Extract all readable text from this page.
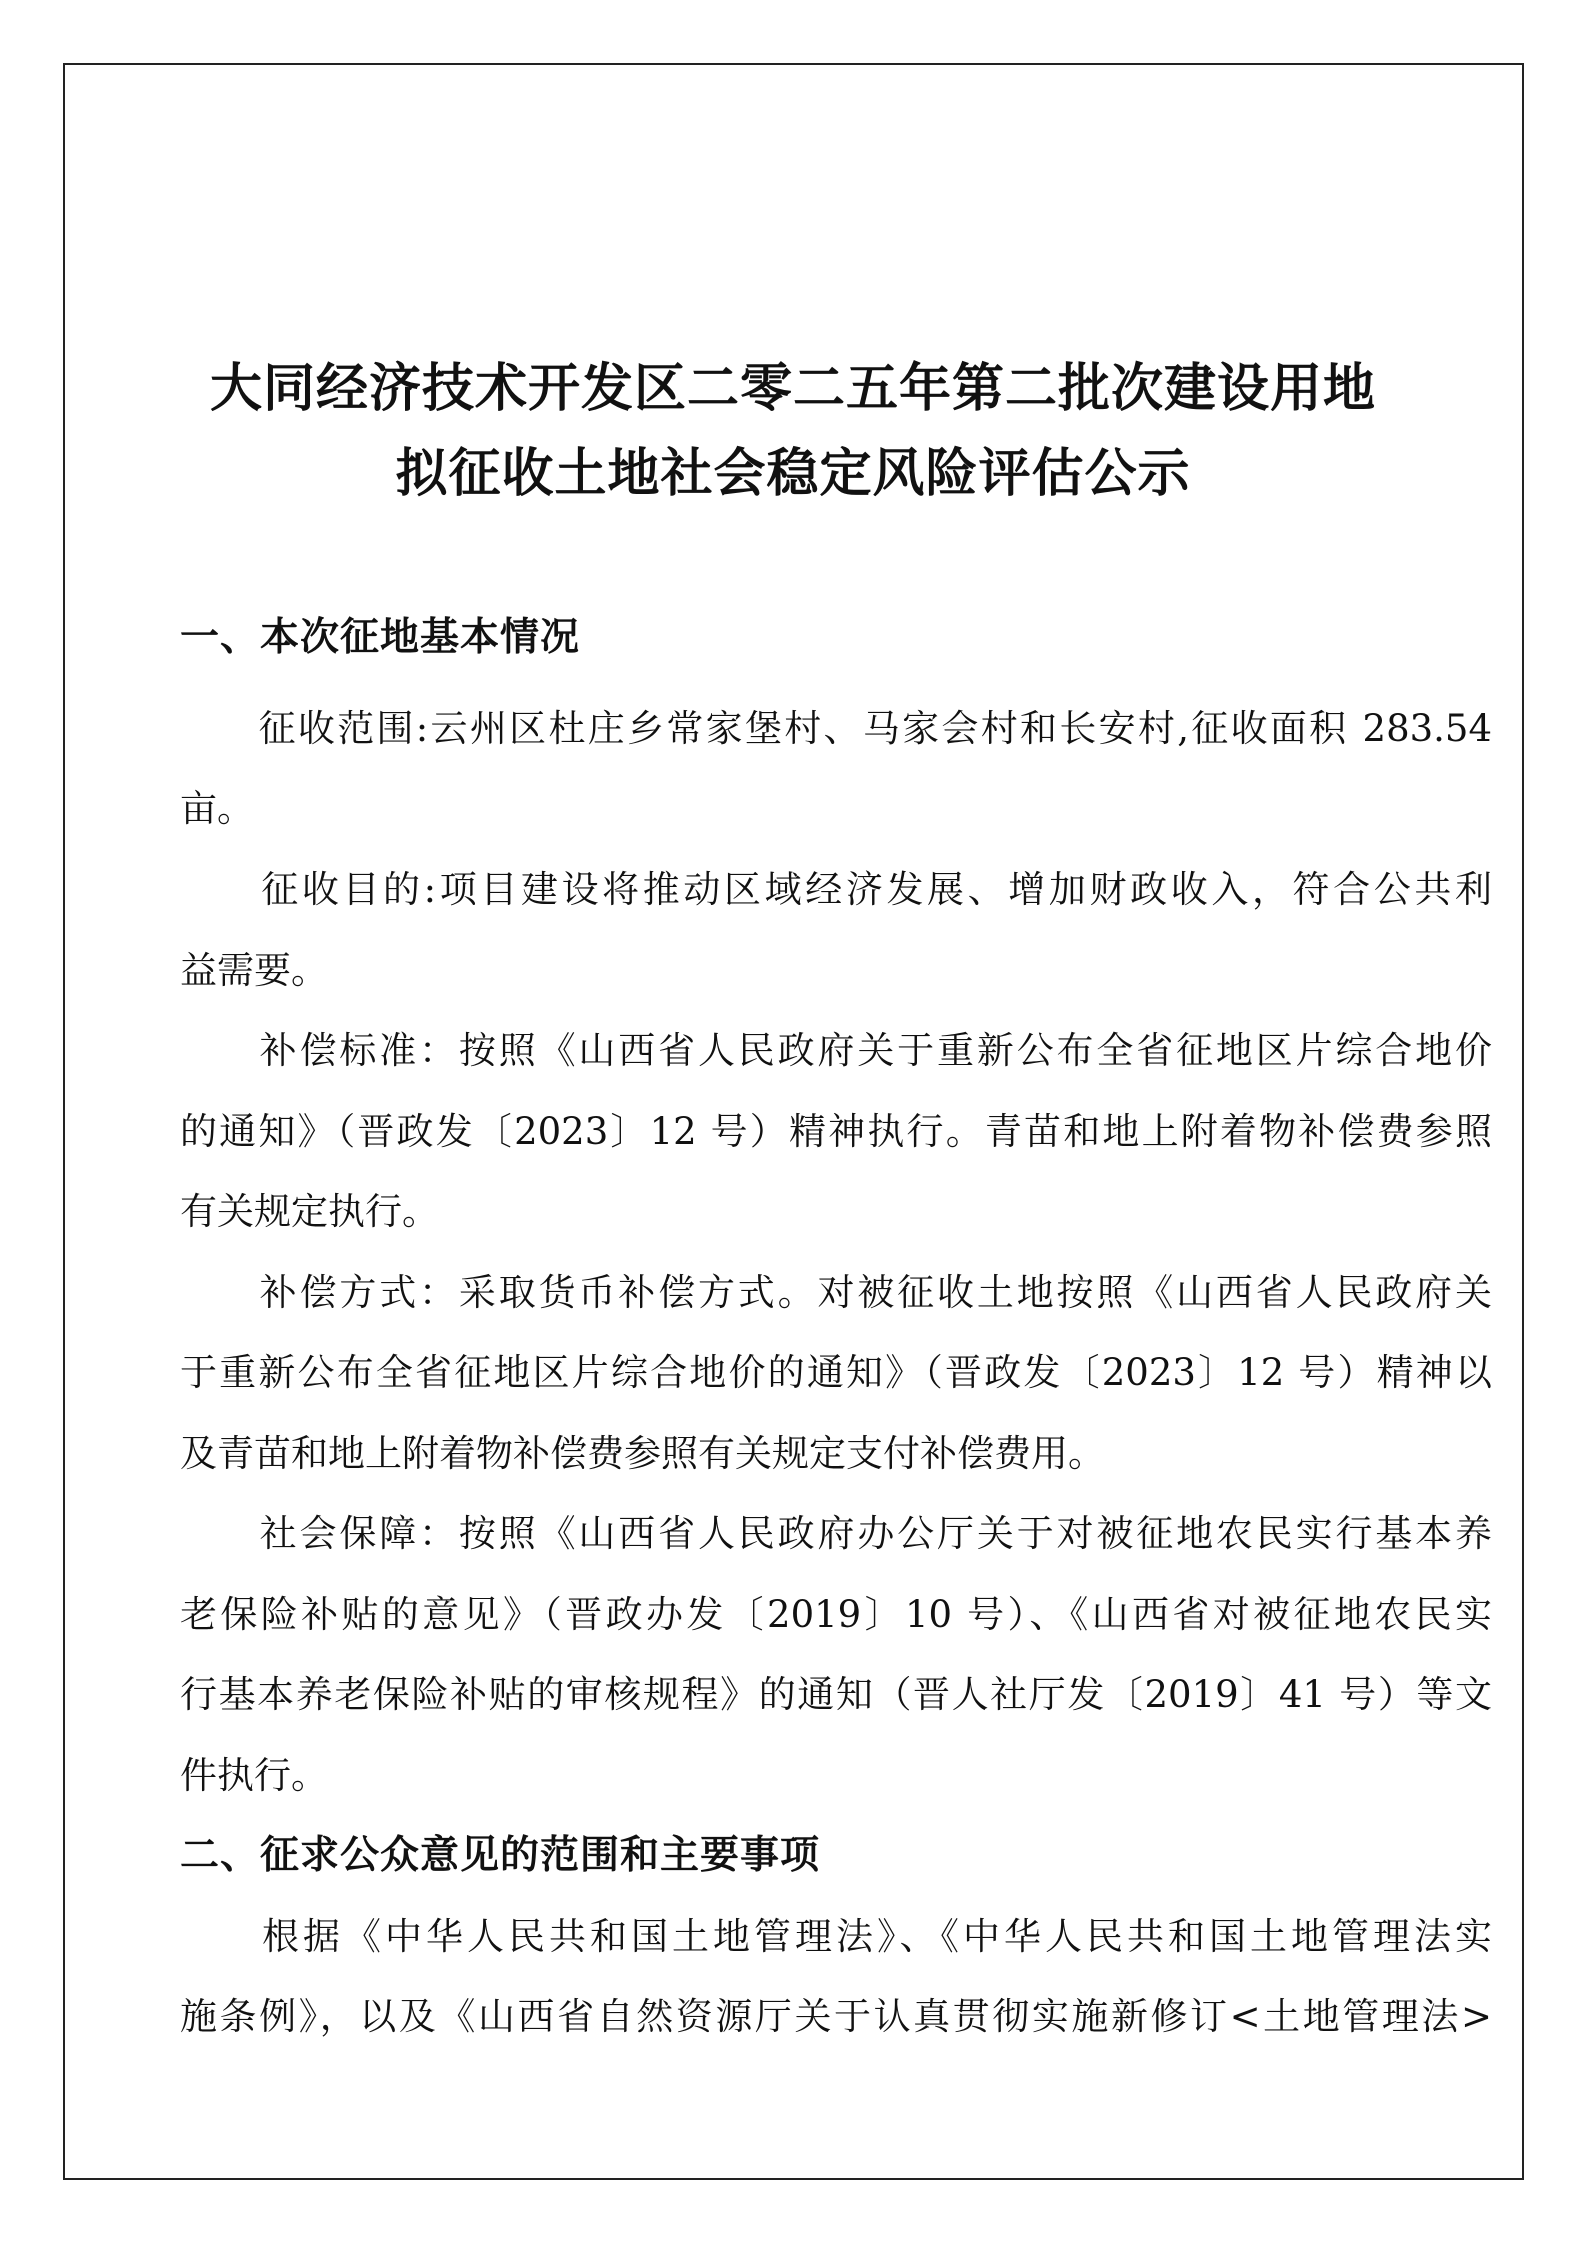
大同经济技术开发区二零二五年第二批次建设用地
拟征收土地社会稳定风险评估公示
一、本次征地基本情况
　　征收范围:云州区杜庄乡常家堡村、马家会村和长安村,征收面积 283.54
亩。
　　征收目的:项目建设将推动区域经济发展、增加财政收入，符合公共利
益需要。
　　补偿标准：按照《山西省人民政府关于重新公布全省征地区片综合地价
的通知》（晋政发〔2023〕12 号）精神执行。青苗和地上附着物补偿费参照
有关规定执行。
　　补偿方式：采取货币补偿方式。对被征收土地按照《山西省人民政府关
于重新公布全省征地区片综合地价的通知》（晋政发〔2023〕12 号）精神以
及青苗和地上附着物补偿费参照有关规定支付补偿费用。
　　社会保障：按照《山西省人民政府办公厅关于对被征地农民实行基本养
老保险补贴的意见》（晋政办发〔2019〕10 号）、《山西省对被征地农民实
行基本养老保险补贴的审核规程》的通知（晋人社厅发〔2019〕41 号）等文
件执行。
二、征求公众意见的范围和主要事项
　　根据《中华人民共和国土地管理法》、《中华人民共和国土地管理法实
施条例》，以及《山西省自然资源厅关于认真贯彻实施新修订<土地管理法>
